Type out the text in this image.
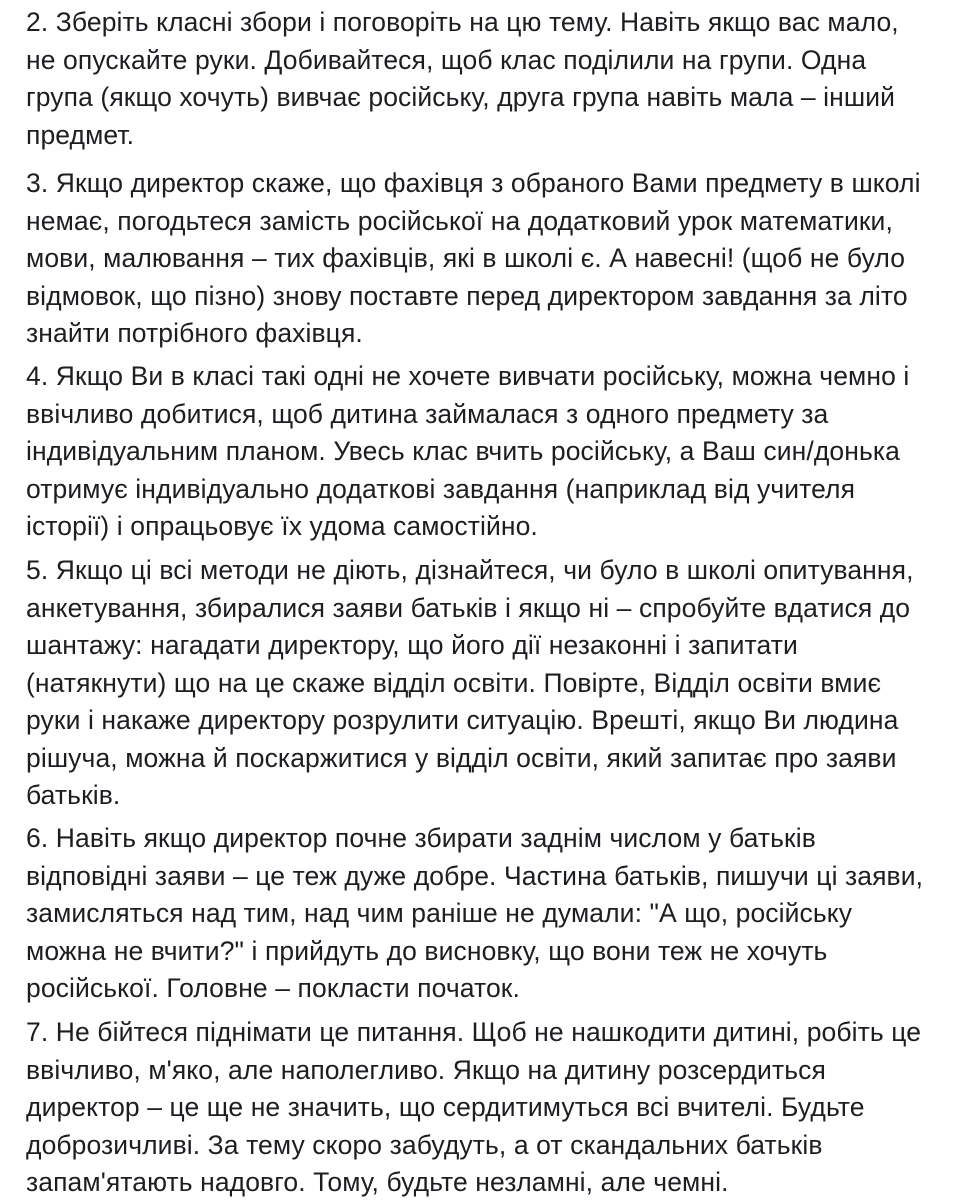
2. Зберіть класні збори і поговоріть на цю тему. Навіть якщо вас мало,
не опускайте руки. Добивайтеся, щоб клас поділили на групи. Одна
група (якщо хочуть) вивчає російську, друга група навіть мала – інший
предмет.

3. Якщо директор скаже, що фахівця з обраного Вами предмету в школі
немає, погодьтеся замість російської на додатковий урок математики,
мови, малювання – тих фахівців, які в школі є. А навесні! (щоб не було
відмовок, що пізно) знову поставте перед директором завдання за літо
знайти потрібного фахівця.

4. Якщо Ви в класі такі одні не хочете вивчати російську, можна чемно і
ввічливо добитися, щоб дитина займалася з одного предмету за
індивідуальним планом. Увесь клас вчить російську, а Ваш син/донька
отримує індивідуально додаткові завдання (наприклад від учителя
історії) і опрацьовує їх удома самостійно.

5. Якщо ці всі методи не діють, дізнайтеся, чи було в школі опитування,
анкетування, збиралися заяви батьків і якщо ні – спробуйте вдатися до
шантажу: нагадати директору, що його дії незаконні і запитати
(натякнути) що на це скаже відділ освіти. Повірте, Відділ освіти вмиє
руки і накаже директору розрулити ситуацію. Врешті, якщо Ви людина
рішуча, можна й поскаржитися у відділ освіти, який запитає про заяви
батьків.

6. Навіть якщо директор почне збирати заднім числом у батьків
відповідні заяви – це теж дуже добре. Частина батьків, пишучи ці заяви,
замисляться над тим, над чим раніше не думали: "А що, російську
можна не вчити?" і прийдуть до висновку, що вони теж не хочуть
російської. Головне – покласти початок.

7. Не бійтеся піднімати це питання. Щоб не нашкодити дитині, робіть це
ввічливо, м'яко, але наполегливо. Якщо на дитину розсердиться
директор – це ще не значить, що сердитимуться всі вчителі. Будьте
доброзичливі. За тему скоро забудуть, а от скандальних батьків
запам'ятають надовго. Тому, будьте незламні, але чемні.
